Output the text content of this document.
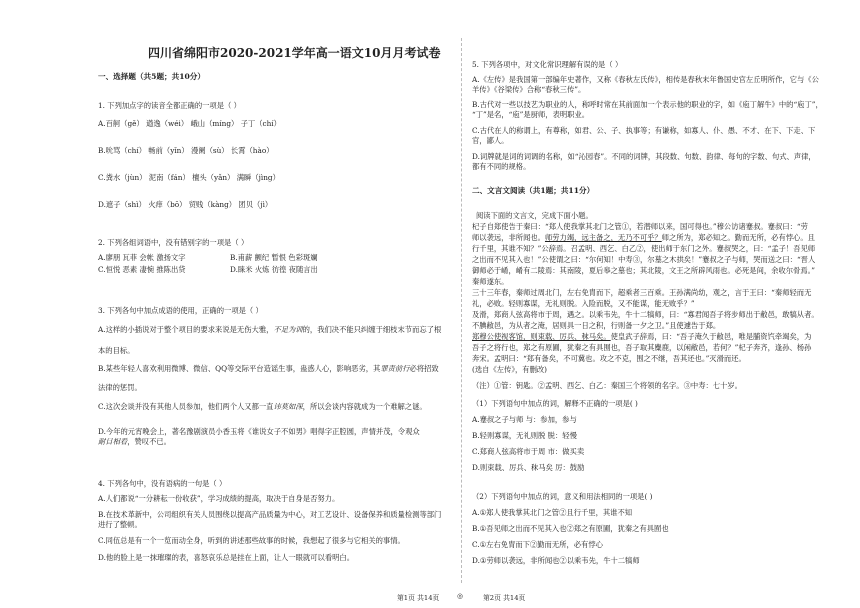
四川省绵阳市2020-2021学年高一语文10月月考试卷
一、选择题（共5题；共10分）
1. 下列加点字的读音全都正确的一项是（ ）
A.百舸（gě） 遒逸（wéi） 峨山（míng） 子丁（chí）
B.吮骂（chí） 畅前（yǐn） 漫阑（sù） 长霄（hào）
C.粪水（jùn） 泥南（fán） 檀头（yǎn） 满瞬（jìng）
D.遮子（shì） 火痒（bō） 贸贱（kàng） 团贝（jì）
2. 下列各组词语中，没有错别字的一项是（ ）
A.廖朋 瓦菲 会帐 激扬文字	B.甫薪 颤纪 暂恨 色彩斑斓
C.恒悦 恶素 凄惋 推陈出贷	D.睐米 火炼 彷徨 夜随言出
3. 下列各句中加点成语的使用，正确的一项是（ ）
A.这样的小插说对于整个项目的要求来说是无伤大雅，不足为训的，我们决不能只纠缠于细枝末节而忘了根
本的目标。
B.某些年轻人喜欢利用微博、微信、QQ等交际平台造谣生事，蛊惑人心，影响恶劣，其罪责前行必将招致
法律的惩罚。
C.这次会谈并没有其他人员参加，他们两个人又都一直讳莫如深，所以会谈内容就成为一个难解之谜。
D.今年的元宵晚会上，著名豫剧演员小香玉将《谁说女子不如男》唱得字正腔圆，声情并茂，令观众
耐目相看，赞叹不已。
4. 下列各句中，没有语病的一句是（ ）
A.人们都说“一分耕耘一份收获”，学习成绩的提高，取决于自身是否努力。
B.在技术革新中，公司组织有关人员围绕以提高产品质量为中心，对工艺设计、设备保养和质量检测等部门
进行了整顿。
C.同伍总是有一个一览而动全身，听到的讲述那些故事的时候，我想起了很多与它相关的事情。
D.他的脸上是一抹璀璨的表，喜怒哀乐总是挂在上面，让人一眼就可以看明白。
5. 下列各项中，对文化常识理解有误的是（ ）
A.《左传》是我国第一部编年史著作，又称《春秋左氏传》，相传是春秋末年鲁国史官左丘明所作，它与《公
羊传》《谷梁传》合称“春秋三传”。
B.古代对一些以技艺为职业的人，称呼时常在其前面加一个表示他的职业的字，如《庖丁解牛》中的“庖丁”，
“丁”是名，“庖”是厨师，表明职业。
C.古代在人的称谓上，有尊称，如君、公、子、执事等；有谦称，如寡人、仆、愚、不才、在下、下走、下
官，鄙人。
D.词牌就是词的词调的名称，如“沁园春”。不同的词牌，其段数、句数、韵律、每句的字数、句式、声律，
都有不同的规格。
二、文言文阅读（共1题；共11分）
阅读下面的文言文，完成下面小题。
杞子自郑使告于秦曰：“郑人使我掌其北门之管①，若潜师以来，国可得也。”穆公访诸蹇叔。蹇叔曰：“劳
师以袭远，非所闻也。师劳力竭，远主备之，无乃不可乎？师之所为，郑必知之。勤而无所，必有悖心。且
行千里，其谁不知？”公辞焉。召孟明、西乞、白乙②，使出师于东门之外。蹇叔哭之，曰：“孟子！吾见师
之出而不见其入也！”公使谓之曰：“尔何知！中寿③，尔墓之木拱矣！”蹇叔之子与师，哭而送之曰：“晋人
御师必于崤，崤有二陵焉：其南陵，夏后皋之墓也；其北陵，文王之所辟风雨也。必死是间，余收尔骨焉。”
秦师遂东。
三十三年春，秦师过周北门，左右免胄而下，超乘者三百乘。王孙满尚幼，观之，言于王曰：“秦师轻而无
礼，必败。轻则寡谋，无礼则脱。入险而脱，又不能谋，能无败乎？”
及滑，郑商人弦高将市于周，遇之。以乘韦先，牛十二犒师，曰：“寡君闻吾子将步师出于敝邑，敢犒从者。
不腆敝邑，为从者之淹，居则具一日之积，行则备一夕之卫。”且使遽告于郑。
郑穆公使视客馆，则束载、厉兵、秣马矣。使皇武子辞焉，曰：“吾子淹久于敝邑，唯是脯资饩牵竭矣，为
吾子之将行也，郑之有原圃，犹秦之有具囿也，吾子取其麋鹿，以闲敝邑，若何？”杞子奔齐，逢孙、杨孙
奔宋。孟明曰：“郑有备矣，不可冀也。攻之不克，围之不继，吾其还也。”灭滑而还。
(选自《左传》，有删改)
（注）①管：钥匙。②孟明、西乞、白乙：秦国三个将领的名字。③中寿：七十岁。
（1）下列语句中加点的词，解释不正确的一项是( )
A.蹇叔之子与师 与：参加，参与
B.轻则寡谋，无礼则脱 脱：轻慢
C.郑商人弦高将市于周 市：做买卖
D.则束载、厉兵、秣马矣 厉：鼓励
（2）下列语句中加点的词，意义和用法相同的一项是( )
A.①郑人使我掌其北门之管②且行千里，其谁不知
B.①吾见师之出而不见其入也②郑之有原圃，犹秦之有具囿也
C.①左右免胄而下②勤而无所，必有悖心
D.①劳师以袭远，非所闻也②以乘韦先，牛十二犒师
第1页 共14页	◎	第2页 共14页
